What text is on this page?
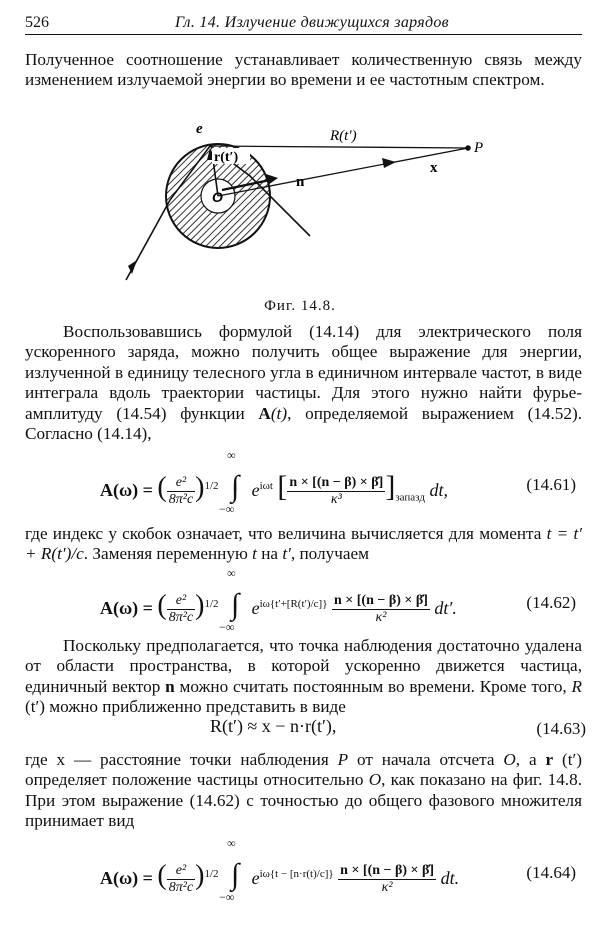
526	Гл. 14. Излучение движущихся зарядов
Полученное соотношение устанавливает количественную связь между изменением излучаемой энергии во времени и ее частотным спектром.
e
r(t′)
O
n
R(t′)
P
x
Фиг. 14.8.
Воспользовавшись формулой (14.14) для электрического поля ускоренного заряда, можно получить общее выражение для энергии, излученной в единицу телесного угла в единичном интервале частот, в виде интеграла вдоль траектории частицы. Для этого нужно найти фурье-амплитуду (14.54) функции A(t), определяемой выражением (14.52). Согласно (14.14),
A(ω) = ( $\frac{\text{e²}}{\text{8π²c}} )^{1/2}$
∞
∫
−∞
$e^{i\omega t}$ [ $\frac{n \times [(n - \beta) \times \betȧ]}{\text{κ³}} ]_{запазд}$ dt,	(14.61)
где индекс у скобок означает, что величина вычисляется для момента t = t′ + R(t′)/c. Заменяя переменную t на t′, получаем
A(ω) = ( $\frac{\text{e²}}{\text{8π²c}} )^{1/2}$
∞
∫
−∞
$e^{i\omega\{t'+[R(t')/c]\}} \frac{n \times [(n - \beta) \times \betȧ]}{\text{κ²}} dt'$.	(14.62)
Поскольку предполагается, что точка наблюдения достаточно удалена от области пространства, в которой ускоренно движется частица, единичный вектор n можно считать постоянным во времени. Кроме того, R (t′) можно приближенно представить в виде
R(t′) ≈ x − n·r(t′),	(14.63)
где x — расстояние точки наблюдения P от начала отсчета O, а r (t′) определяет положение частицы относительно O, как показано на фиг. 14.8. При этом выражение (14.62) с точностью до общего фазового множителя принимает вид
A(ω) = ( $\frac{\text{e²}}{\text{8π²c}} )^{1/2}$
∞
∫
−∞
$e^{i\omega\{t - [n\cdot r(t)/c]\}} \frac{n \times [(n - \beta) \times \betȧ]}{\text{κ²}}$ dt.	(14.64)
